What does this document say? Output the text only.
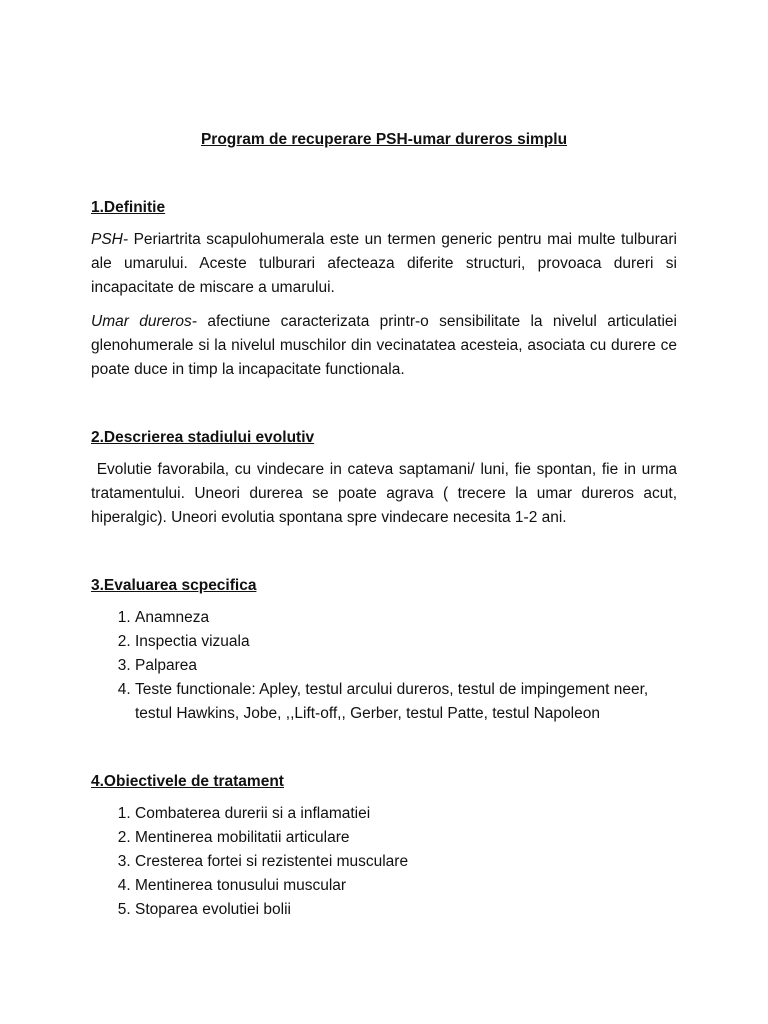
Program de recuperare PSH-umar dureros simplu
1.Definitie

PSH- Periartrita scapulohumerala este un termen generic pentru mai multe tulburari ale umarului. Aceste tulburari afecteaza diferite structuri, provoaca dureri si incapacitate de miscare a umarului.

Umar dureros- afectiune caracterizata printr-o sensibilitate la nivelul articulatiei glenohumerale si la nivelul muschilor din vecinatatea acesteia, asociata cu durere ce poate duce in timp la incapacitate functionala.

2.Descrierea stadiului evolutiv

Evolutie favorabila, cu vindecare in cateva saptamani/ luni, fie spontan, fie in urma tratamentului. Uneori durerea se poate agrava ( trecere la umar dureros acut, hiperalgic). Uneori evolutia spontana spre vindecare necesita 1-2 ani.

3.Evaluarea scpecifica
1. Anamneza
2. Inspectia vizuala
3. Palparea
4. Teste functionale: Apley, testul arcului dureros, testul de impingement neer, testul Hawkins, Jobe, ,,Lift-off,, Gerber, testul Patte, testul Napoleon
4.Obiectivele de tratament
1. Combaterea durerii si a inflamatiei
2. Mentinerea mobilitatii articulare
3. Cresterea fortei si rezistentei musculare
4. Mentinerea tonusului muscular
5. Stoparea evolutiei bolii
